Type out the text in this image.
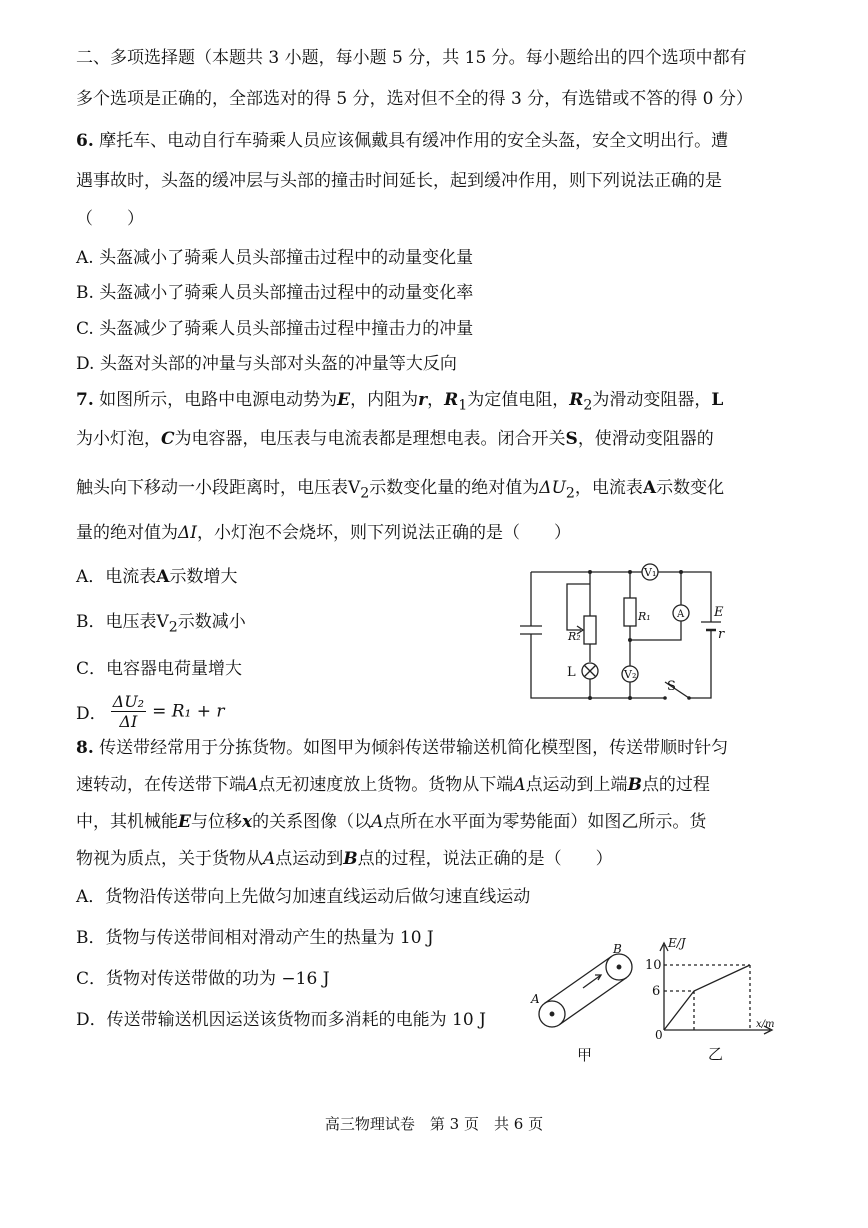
二、多项选择题（本题共 3 小题，每小题 5 分，共 15 分。每小题给出的四个选项中都有
多个选项是正确的，全部选对的得 5 分，选对但不全的得 3 分，有选错或不答的得 0 分）
6. 摩托车、电动自行车骑乘人员应该佩戴具有缓冲作用的安全头盔，安全文明出行。遭
遇事故时，头盔的缓冲层与头部的撞击时间延长，起到缓冲作用，则下列说法正确的是
（　　）
A. 头盔减小了骑乘人员头部撞击过程中的动量变化量
B. 头盔减小了骑乘人员头部撞击过程中的动量变化率
C. 头盔减少了骑乘人员头部撞击过程中撞击力的冲量
D. 头盔对头部的冲量与头部对头盔的冲量等大反向
7. 如图所示，电路中电源电动势为E，内阻为r，$R_1$为定值电阻，$R_2$为滑动变阻器，L
为小灯泡，C为电容器，电压表与电流表都是理想电表。闭合开关S，使滑动变阻器的
触头向下移动一小段距离时，电压表$V_2$示数变化量的绝对值为$\Delta U_2$，电流表A示数变化
量的绝对值为ΔI，小灯泡不会烧坏，则下列说法正确的是（　　）
A．电流表A示数增大
B．电压表$V_2$示数减小
C．电容器电荷量增大
D． $\frac{\text{ΔU₂}}{\Delta I} = R_1 + r$
V₁
V₂
A
R₁
R₂
E
r
L
S
8. 传送带经常用于分拣货物。如图甲为倾斜传送带输送机简化模型图，传送带顺时针匀
速转动，在传送带下端A点无初速度放上货物。货物从下端A点运动到上端B点的过程
中，其机械能E与位移x的关系图像（以A点所在水平面为零势能面）如图乙所示。货
物视为质点，关于货物从A点运动到B点的过程，说法正确的是（　　）
A．货物沿传送带向上先做匀加速直线运动后做匀速直线运动
B．货物与传送带间相对滑动产生的热量为 10 J
C．货物对传送带做的功为 −16 J
D．传送带输送机因运送该货物而多消耗的电能为 10 J
A
B
甲
E/J
x/m
10
6
0
乙
高三物理试卷　第 3 页　共 6 页
